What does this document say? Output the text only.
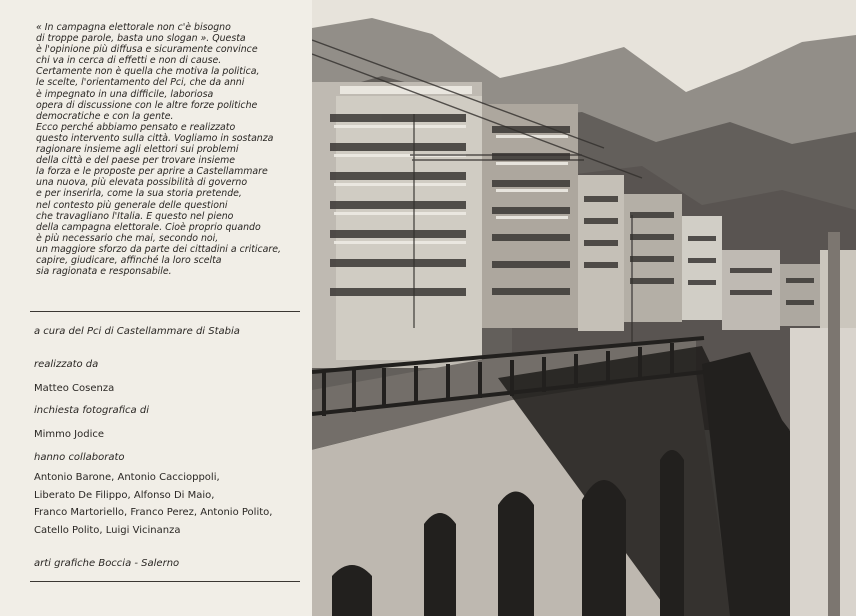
« In campagna elettorale non c'è bisogno
di troppe parole, basta uno slogan ». Questa
è l'opinione più diffusa e sicuramente convince
chi va in cerca di effetti e non di cause.
Certamente non è quella che motiva la politica,
le scelte, l'orientamento del Pci, che da anni
è impegnato in una difficile, laboriosa
opera di discussione con le altre forze politiche
democratiche e con la gente.
Ecco perché abbiamo pensato e realizzato
questo intervento sulla città. Vogliamo in sostanza
ragionare insieme agli elettori sui problemi
della città e del paese per trovare insieme
la forza e le proposte per aprire a Castellammare
una nuova, più elevata possibilità di governo
e per inserirla, come la sua storia pretende,
nel contesto più generale delle questioni
che travagliano l'Italia. E questo nel pieno
della campagna elettorale. Cioè proprio quando
è più necessario che mai, secondo noi,
un maggiore sforzo da parte dei cittadini a criticare,
capire, giudicare, affinché la loro scelta
sia ragionata e responsabile.
a cura del Pci di Castellammare di Stabia
realizzato da
Matteo Cosenza
inchiesta fotografica di
Mimmo Jodice
hanno collaborato
Antonio Barone, Antonio Caccioppoli,
Liberato De Filippo, Alfonso Di Maio,
Franco Martoriello, Franco Perez, Antonio Polito,
Catello Polito, Luigi Vicinanza
arti grafiche Boccia - Salerno
